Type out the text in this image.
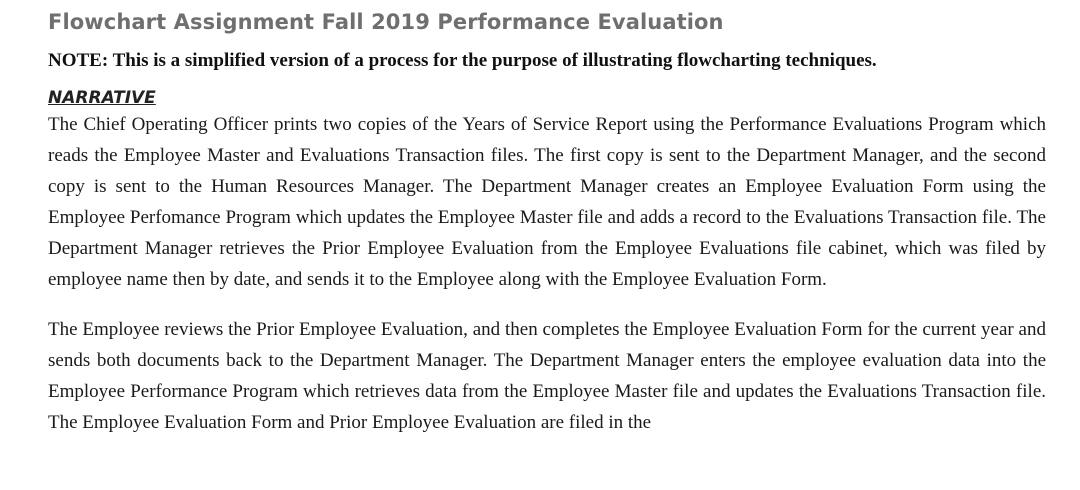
Flowchart Assignment Fall 2019 Performance Evaluation

NOTE: This is a simplified version of a process for the purpose of illustrating flowcharting techniques.

NARRATIVE

The Chief Operating Officer prints two copies of the Years of Service Report using the Performance Evaluations Program which reads the Employee Master and Evaluations Transaction files. The first copy is sent to the Department Manager, and the second copy is sent to the Human Resources Manager. The Department Manager creates an Employee Evaluation Form using the Employee Perfomance Program which updates the Employee Master file and adds a record to the Evaluations Transaction file. The Department Manager retrieves the Prior Employee Evaluation from the Employee Evaluations file cabinet, which was filed by employee name then by date, and sends it to the Employee along with the Employee Evaluation Form.

The Employee reviews the Prior Employee Evaluation, and then completes the Employee Evaluation Form for the current year and sends both documents back to the Department Manager. The Department Manager enters the employee evaluation data into the Employee Performance Program which retrieves data from the Employee Master file and updates the Evaluations Transaction file. The Employee Evaluation Form and Prior Employee Evaluation are filed in the
